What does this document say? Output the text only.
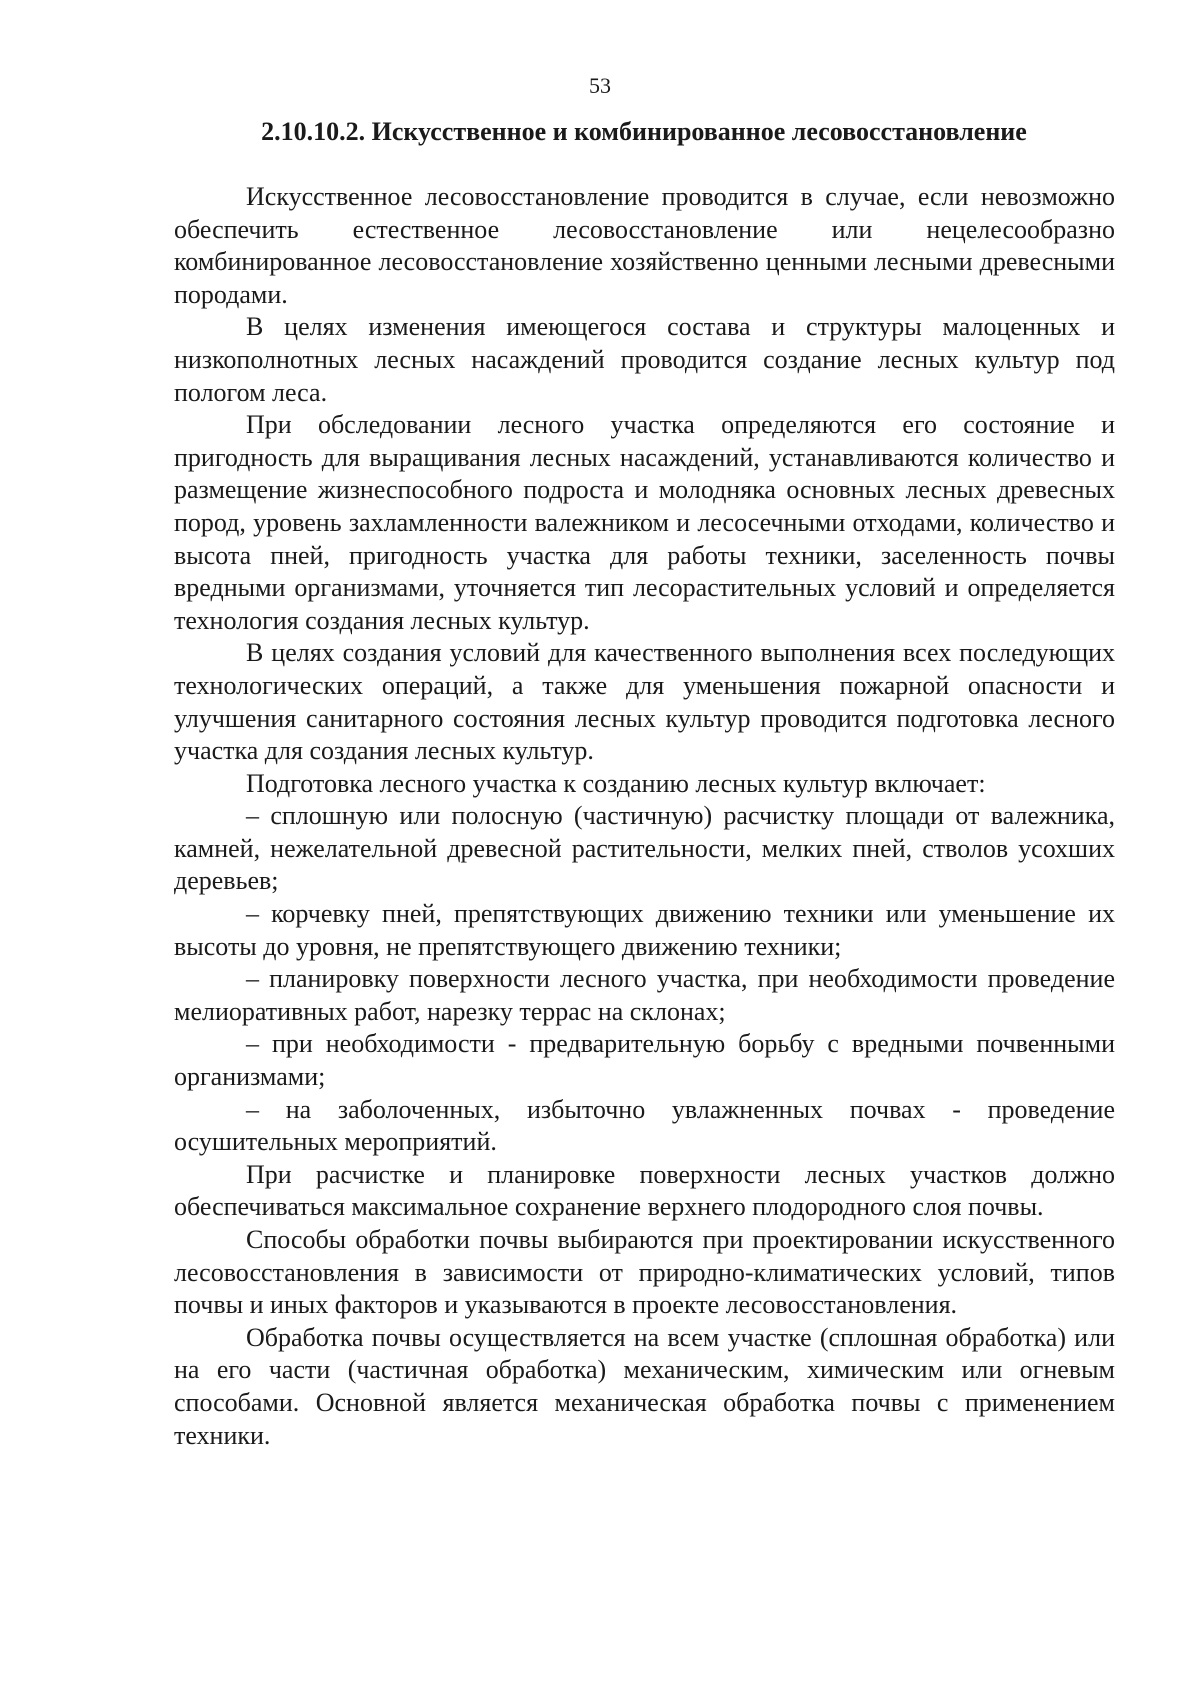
53
2.10.10.2. Искусственное и комбинированное лесовосстановление

Искусственное лесовосстановление проводится в случае, если невозможно обеспечить естественное лесовосстановление или нецелесообразно комбинированное лесовосстановление хозяйственно ценными лесными древесными породами.

В целях изменения имеющегося состава и структуры малоценных и низкополнотных лесных насаждений проводится создание лесных культур под пологом леса.

При обследовании лесного участка определяются его состояние и пригодность для выращивания лесных насаждений, устанавливаются количество и размещение жизнеспособного подроста и молодняка основных лесных древесных пород, уровень захламленности валежником и лесосечными отходами, количество и высота пней, пригодность участка для работы техники, заселенность почвы вредными организмами, уточняется тип лесорастительных условий и определяется технология создания лесных культур.

В целях создания условий для качественного выполнения всех последующих технологических операций, а также для уменьшения пожарной опасности и улучшения санитарного состояния лесных культур проводится подготовка лесного участка для создания лесных культур.

Подготовка лесного участка к созданию лесных культур включает:

– сплошную или полосную (частичную) расчистку площади от валежника, камней, нежелательной древесной растительности, мелких пней, стволов усохших деревьев;

– корчевку пней, препятствующих движению техники или уменьшение их высоты до уровня, не препятствующего движению техники;

– планировку поверхности лесного участка, при необходимости проведение мелиоративных работ, нарезку террас на склонах;

– при необходимости - предварительную борьбу с вредными почвенными организмами;

– на заболоченных, избыточно увлажненных почвах - проведение осушительных мероприятий.

При расчистке и планировке поверхности лесных участков должно обеспечиваться максимальное сохранение верхнего плодородного слоя почвы.

Способы обработки почвы выбираются при проектировании искусственного лесовосстановления в зависимости от природно-климатических условий, типов почвы и иных факторов и указываются в проекте лесовосстановления.

Обработка почвы осуществляется на всем участке (сплошная обработка) или на его части (частичная обработка) механическим, химическим или огневым способами. Основной является механическая обработка почвы с применением техники.
